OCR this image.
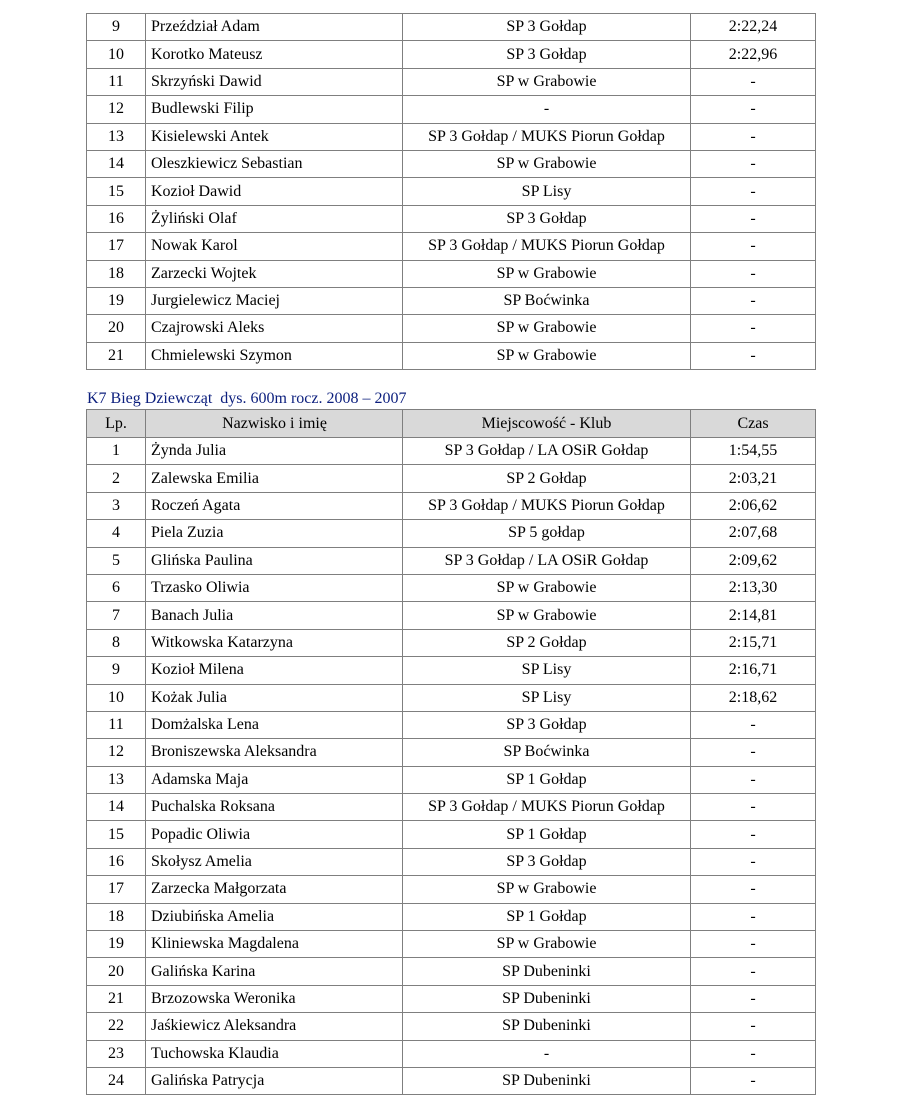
9	Przeździał Adam	SP 3 Gołdap	2:22,24
10	Korotko Mateusz	SP 3 Gołdap	2:22,96
11	Skrzyński Dawid	SP w Grabowie	-
12	Budlewski Filip	-	-
13	Kisielewski Antek	SP 3 Gołdap / MUKS Piorun Gołdap	-
14	Oleszkiewicz Sebastian	SP w Grabowie	-
15	Kozioł Dawid	SP Lisy	-
16	Żyliński Olaf	SP 3 Gołdap	-
17	Nowak Karol	SP 3 Gołdap / MUKS Piorun Gołdap	-
18	Zarzecki Wojtek	SP w Grabowie	-
19	Jurgielewicz Maciej	SP Boćwinka	-
20	Czajrowski Aleks	SP w Grabowie	-
21	Chmielewski Szymon	SP w Grabowie	-
K7 Bieg Dziewcząt  dys. 600m rocz. 2008 – 2007
Lp.	Nazwisko i imię	Miejscowość - Klub	Czas
1	Żynda Julia	SP 3 Gołdap / LA OSiR Gołdap	1:54,55
2	Zalewska Emilia	SP 2 Gołdap	2:03,21
3	Roczeń Agata	SP 3 Gołdap / MUKS Piorun Gołdap	2:06,62
4	Piela Zuzia	SP 5 gołdap	2:07,68
5	Glińska Paulina	SP 3 Gołdap / LA OSiR Gołdap	2:09,62
6	Trzasko Oliwia	SP w Grabowie	2:13,30
7	Banach Julia	SP w Grabowie	2:14,81
8	Witkowska Katarzyna	SP 2 Gołdap	2:15,71
9	Kozioł Milena	SP Lisy	2:16,71
10	Kożak Julia	SP Lisy	2:18,62
11	Domżalska Lena	SP 3 Gołdap	-
12	Broniszewska Aleksandra	SP Boćwinka	-
13	Adamska Maja	SP 1 Gołdap	-
14	Puchalska Roksana	SP 3 Gołdap / MUKS Piorun Gołdap	-
15	Popadic Oliwia	SP 1 Gołdap	-
16	Skołysz Amelia	SP 3 Gołdap	-
17	Zarzecka Małgorzata	SP w Grabowie	-
18	Dziubińska Amelia	SP 1 Gołdap	-
19	Kliniewska Magdalena	SP w Grabowie	-
20	Galińska Karina	SP Dubeninki	-
21	Brzozowska Weronika	SP Dubeninki	-
22	Jaśkiewicz Aleksandra	SP Dubeninki	-
23	Tuchowska Klaudia	-	-
24	Galińska Patrycja	SP Dubeninki	-
